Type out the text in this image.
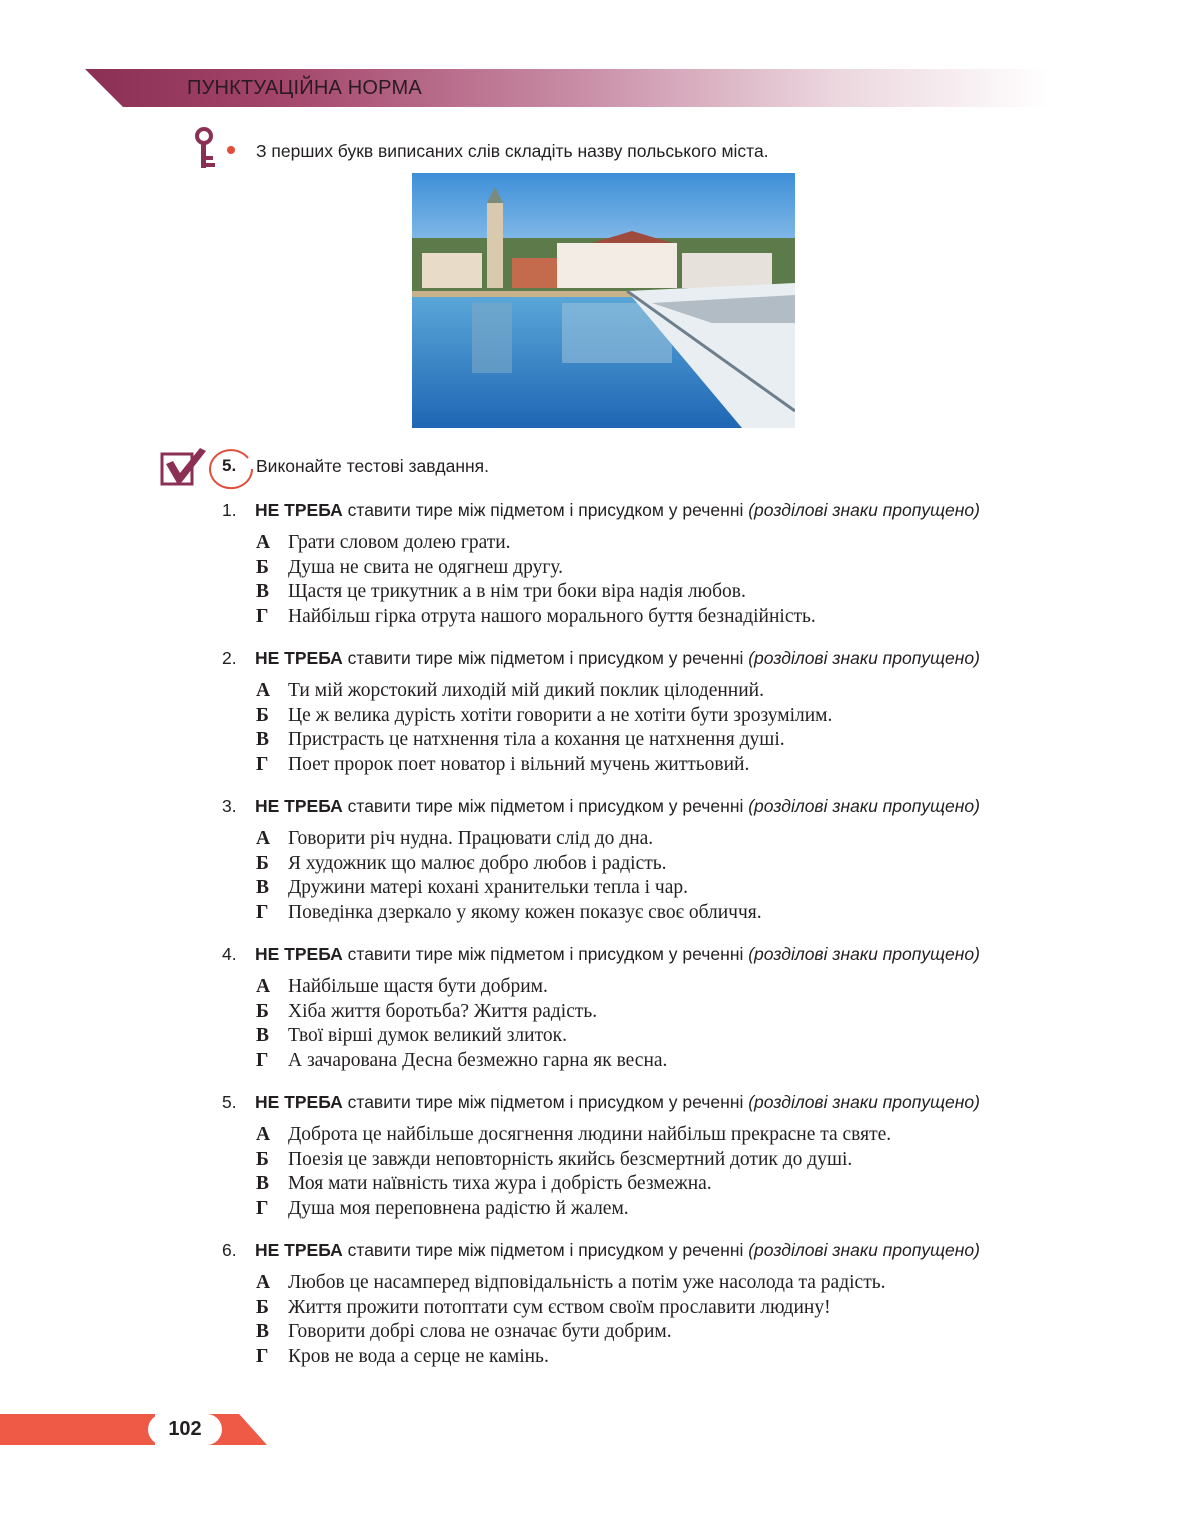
ПУНКТУАЦІЙНА НОРМА
З перших букв виписаних слів складіть назву польського міста.
5. Виконайте тестові завдання.
1. НЕ ТРЕБА ставити тире між підметом і присудком у реченні (розділові знаки пропущено)
А Грати словом долею грати.
Б Душа не свита не одягнеш другу.
В Щастя це трикутник а в нім три боки віра надія любов.
Г Найбільш гірка отрута нашого морального буття безнадійність.
2. НЕ ТРЕБА ставити тире між підметом і присудком у реченні (розділові знаки пропущено)
А Ти мій жорстокий лиходій мій дикий поклик цілоденний.
Б Це ж велика дурість хотіти говорити а не хотіти бути зрозумілим.
В Пристрасть це натхнення тіла а кохання це натхнення душі.
Г Поет пророк поет новатор і вільний мучень життьовий.
3. НЕ ТРЕБА ставити тире між підметом і присудком у реченні (розділові знаки пропущено)
А Говорити річ нудна. Працювати слід до дна.
Б Я художник що малює добро любов і радість.
В Дружини матері кохані хранительки тепла і чар.
Г Поведінка дзеркало у якому кожен показує своє обличчя.
4. НЕ ТРЕБА ставити тире між підметом і присудком у реченні (розділові знаки пропущено)
А Найбільше щастя бути добрим.
Б Хіба життя боротьба? Життя радість.
В Твої вірші думок великий злиток.
Г А зачарована Десна безмежно гарна як весна.
5. НЕ ТРЕБА ставити тире між підметом і присудком у реченні (розділові знаки пропущено)
А Доброта це найбільше досягнення людини найбільш прекрасне та святе.
Б Поезія це завжди неповторність якийсь безсмертний дотик до душі.
В Моя мати наївність тиха жура і добрість безмежна.
Г Душа моя переповнена радістю й жалем.
6. НЕ ТРЕБА ставити тире між підметом і присудком у реченні (розділові знаки пропущено)
А Любов це насамперед відповідальність а потім уже насолода та радість.
Б Життя прожити потоптати сум єством своїм прославити людину!
В Говорити добрі слова не означає бути добрим.
Г Кров не вода а серце не камінь.
102
